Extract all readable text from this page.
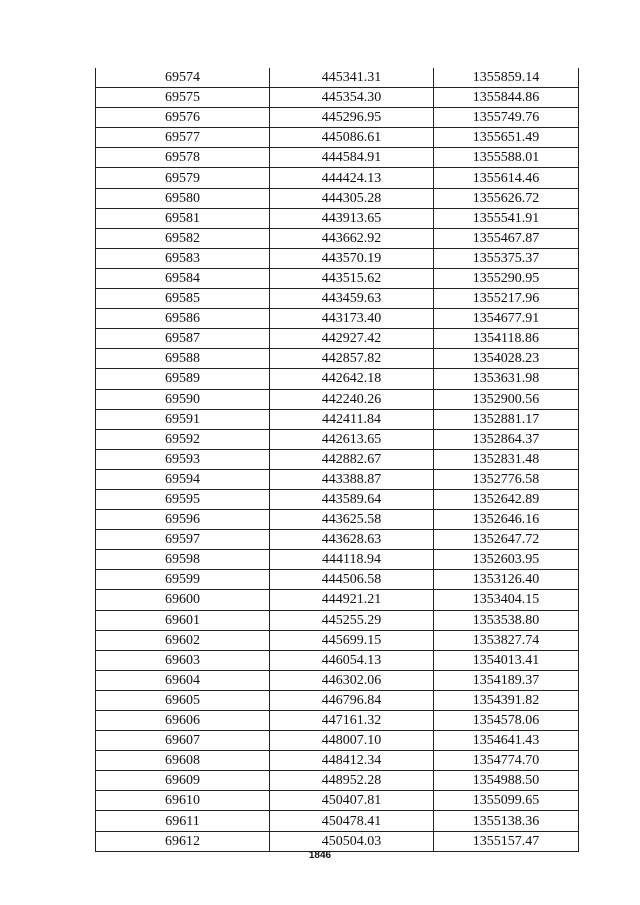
69574	445341.31	1355859.14
69575	445354.30	1355844.86
69576	445296.95	1355749.76
69577	445086.61	1355651.49
69578	444584.91	1355588.01
69579	444424.13	1355614.46
69580	444305.28	1355626.72
69581	443913.65	1355541.91
69582	443662.92	1355467.87
69583	443570.19	1355375.37
69584	443515.62	1355290.95
69585	443459.63	1355217.96
69586	443173.40	1354677.91
69587	442927.42	1354118.86
69588	442857.82	1354028.23
69589	442642.18	1353631.98
69590	442240.26	1352900.56
69591	442411.84	1352881.17
69592	442613.65	1352864.37
69593	442882.67	1352831.48
69594	443388.87	1352776.58
69595	443589.64	1352642.89
69596	443625.58	1352646.16
69597	443628.63	1352647.72
69598	444118.94	1352603.95
69599	444506.58	1353126.40
69600	444921.21	1353404.15
69601	445255.29	1353538.80
69602	445699.15	1353827.74
69603	446054.13	1354013.41
69604	446302.06	1354189.37
69605	446796.84	1354391.82
69606	447161.32	1354578.06
69607	448007.10	1354641.43
69608	448412.34	1354774.70
69609	448952.28	1354988.50
69610	450407.81	1355099.65
69611	450478.41	1355138.36
69612	450504.03	1355157.47
1846
